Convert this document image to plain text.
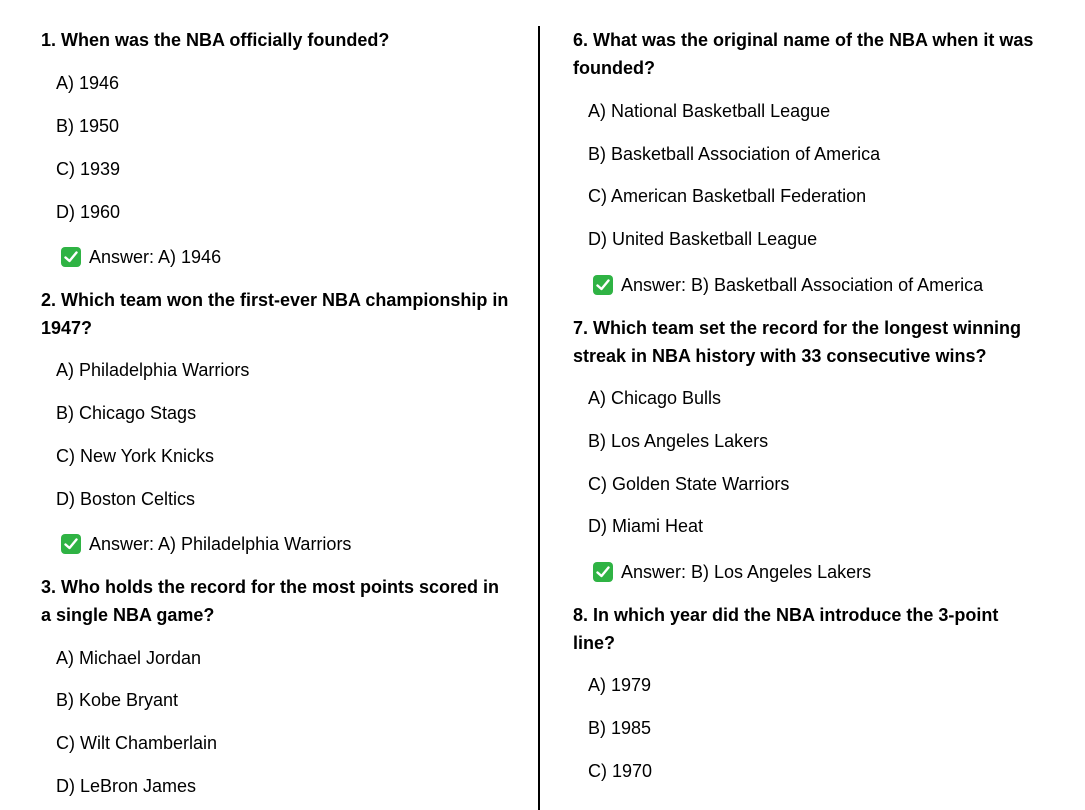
1. When was the NBA officially founded?
A) 1946
B) 1950
C) 1939
D) 1960
Answer: A) 1946
2. Which team won the first-ever NBA championship in 1947?
A) Philadelphia Warriors
B) Chicago Stags
C) New York Knicks
D) Boston Celtics
Answer: A) Philadelphia Warriors
3. Who holds the record for the most points scored in a single NBA game?
A) Michael Jordan
B) Kobe Bryant
C) Wilt Chamberlain
D) LeBron James
6. What was the original name of the NBA when it was founded?
A) National Basketball League
B) Basketball Association of America
C) American Basketball Federation
D) United Basketball League
Answer: B) Basketball Association of America
7. Which team set the record for the longest winning streak in NBA history with 33 consecutive wins?
A) Chicago Bulls
B) Los Angeles Lakers
C) Golden State Warriors
D) Miami Heat
Answer: B) Los Angeles Lakers
8. In which year did the NBA introduce the 3-point line?
A) 1979
B) 1985
C) 1970
